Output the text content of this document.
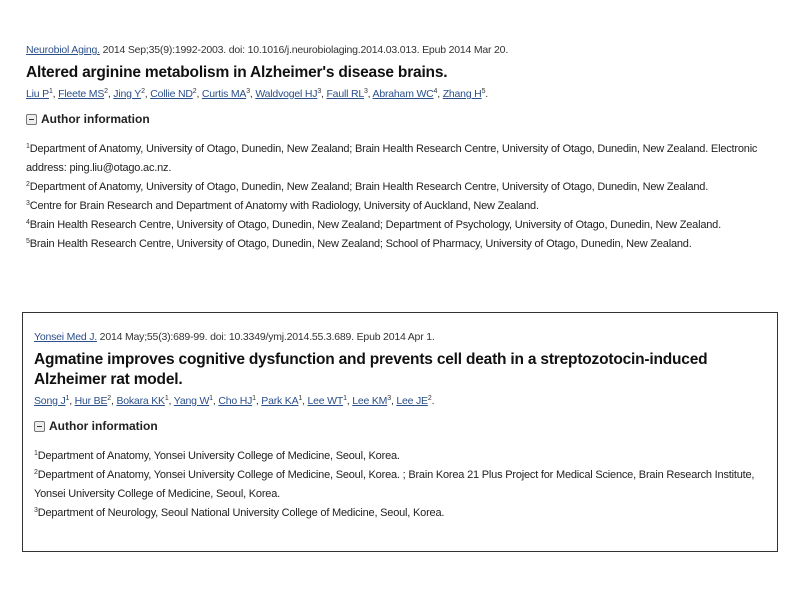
Neurobiol Aging. 2014 Sep;35(9):1992-2003. doi: 10.1016/j.neurobiolaging.2014.03.013. Epub 2014 Mar 20.
Altered arginine metabolism in Alzheimer's disease brains.
Liu $P^1$, Fleete $MS^2$, Jing $Y^2$, Collie $ND^2$, Curtis $MA^3$, Waldvogel $HJ^3$, Faull $RL^3$, Abraham $WC^4$, Zhang $H^5$.
Author information
$^1$Department of Anatomy, University of Otago, Dunedin, New Zealand; Brain Health Research Centre, University of Otago, Dunedin, New Zealand. Electronic address: ping.liu@otago.ac.nz.
$^2$Department of Anatomy, University of Otago, Dunedin, New Zealand; Brain Health Research Centre, University of Otago, Dunedin, New Zealand.
$^3$Centre for Brain Research and Department of Anatomy with Radiology, University of Auckland, New Zealand.
$^4$Brain Health Research Centre, University of Otago, Dunedin, New Zealand; Department of Psychology, University of Otago, Dunedin, New Zealand.
$^5$Brain Health Research Centre, University of Otago, Dunedin, New Zealand; School of Pharmacy, University of Otago, Dunedin, New Zealand.
Yonsei Med J. 2014 May;55(3):689-99. doi: 10.3349/ymj.2014.55.3.689. Epub 2014 Apr 1.
Agmatine improves cognitive dysfunction and prevents cell death in a streptozotocin-induced Alzheimer rat model.
Song $J^1$, Hur $BE^2$, Bokara $KK^1$, Yang $W^1$, Cho $HJ^1$, Park $KA^1$, Lee $WT^1$, Lee $KM^3$, Lee $JE^2$.
Author information
$^1$Department of Anatomy, Yonsei University College of Medicine, Seoul, Korea.
$^2$Department of Anatomy, Yonsei University College of Medicine, Seoul, Korea. ; Brain Korea 21 Plus Project for Medical Science, Brain Research Institute, Yonsei University College of Medicine, Seoul, Korea.
$^3$Department of Neurology, Seoul National University College of Medicine, Seoul, Korea.
